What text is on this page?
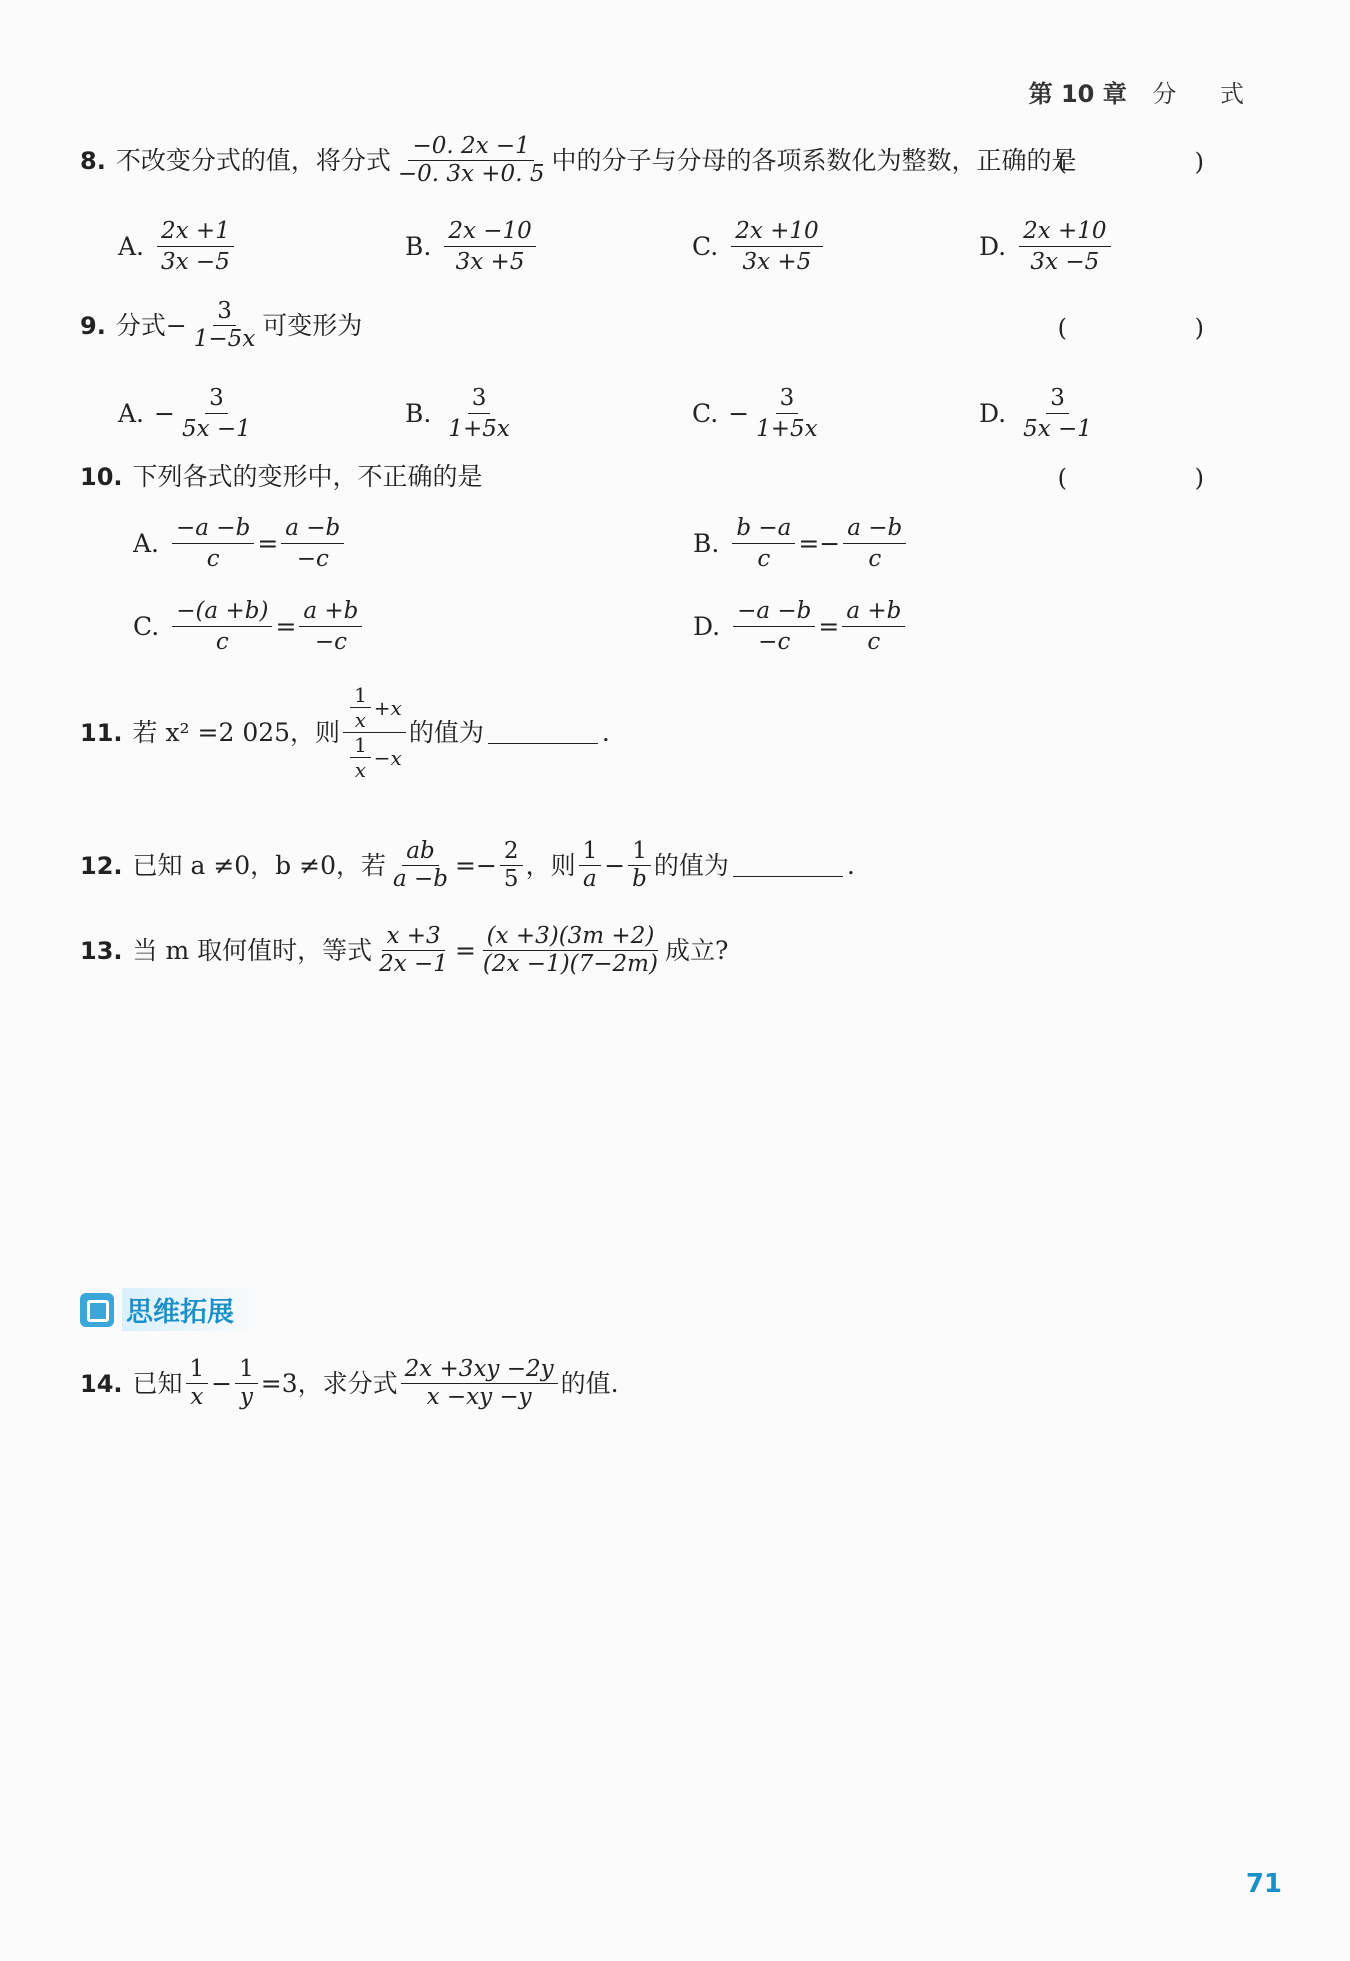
第 10 章 分 式
8. 不改变分式的值，将分式 $\frac{-0. 2x -1}{-0. 3x +0. 5}$ 中的分子与分母的各项系数化为整数，正确的是
( )
A. $\frac{2x +1}{3x -5}$	B. $\frac{2x -10}{3x +5}$	C. $\frac{2x +10}{3x +5}$	D. $\frac{2x +10}{3x -5}$
9. 分式− $\frac{3}{1-5x}$ 可变形为	( )
A. − $\frac{3}{5x -1}$	B. $\frac{3}{1+5x}$	C. − $\frac{3}{1+5x}$	D. $\frac{3}{5x -1}$
10. 下列各式的变形中，不正确的是	( )
A. $\frac{-a -b}{c} = \frac{a -b}{-c}$	B. $\frac{b -a}{c} =- \frac{a -b}{c}$
C. $\frac{-(a +b)}{c} = \frac{a +b}{-c}$	D. $\frac{-a -b}{-c} = \frac{a +b}{c}$
11. 若 x² =2 025，则 $\frac{\frac{1}{x} +x}{\frac{1}{x} -x}$ 的值为	.
12. 已知 a ≠0，b ≠0，若 $\frac{ab}{a -b} =- \frac{2}{5}$ ，则 $\frac{1}{a} - \frac{1}{b}$ 的值为	.
13. 当 m 取何值时，等式 $\frac{x +3}{2x -1} = \frac{(x +3)(3m +2)}{(2x -1)(7-2m)}$ 成立?
思维拓展
14. 已知 $\frac{1}{x} - \frac{1}{y} =3$，求分式 $\frac{2x +3xy -2y}{x -xy -y}$ 的值.
71
